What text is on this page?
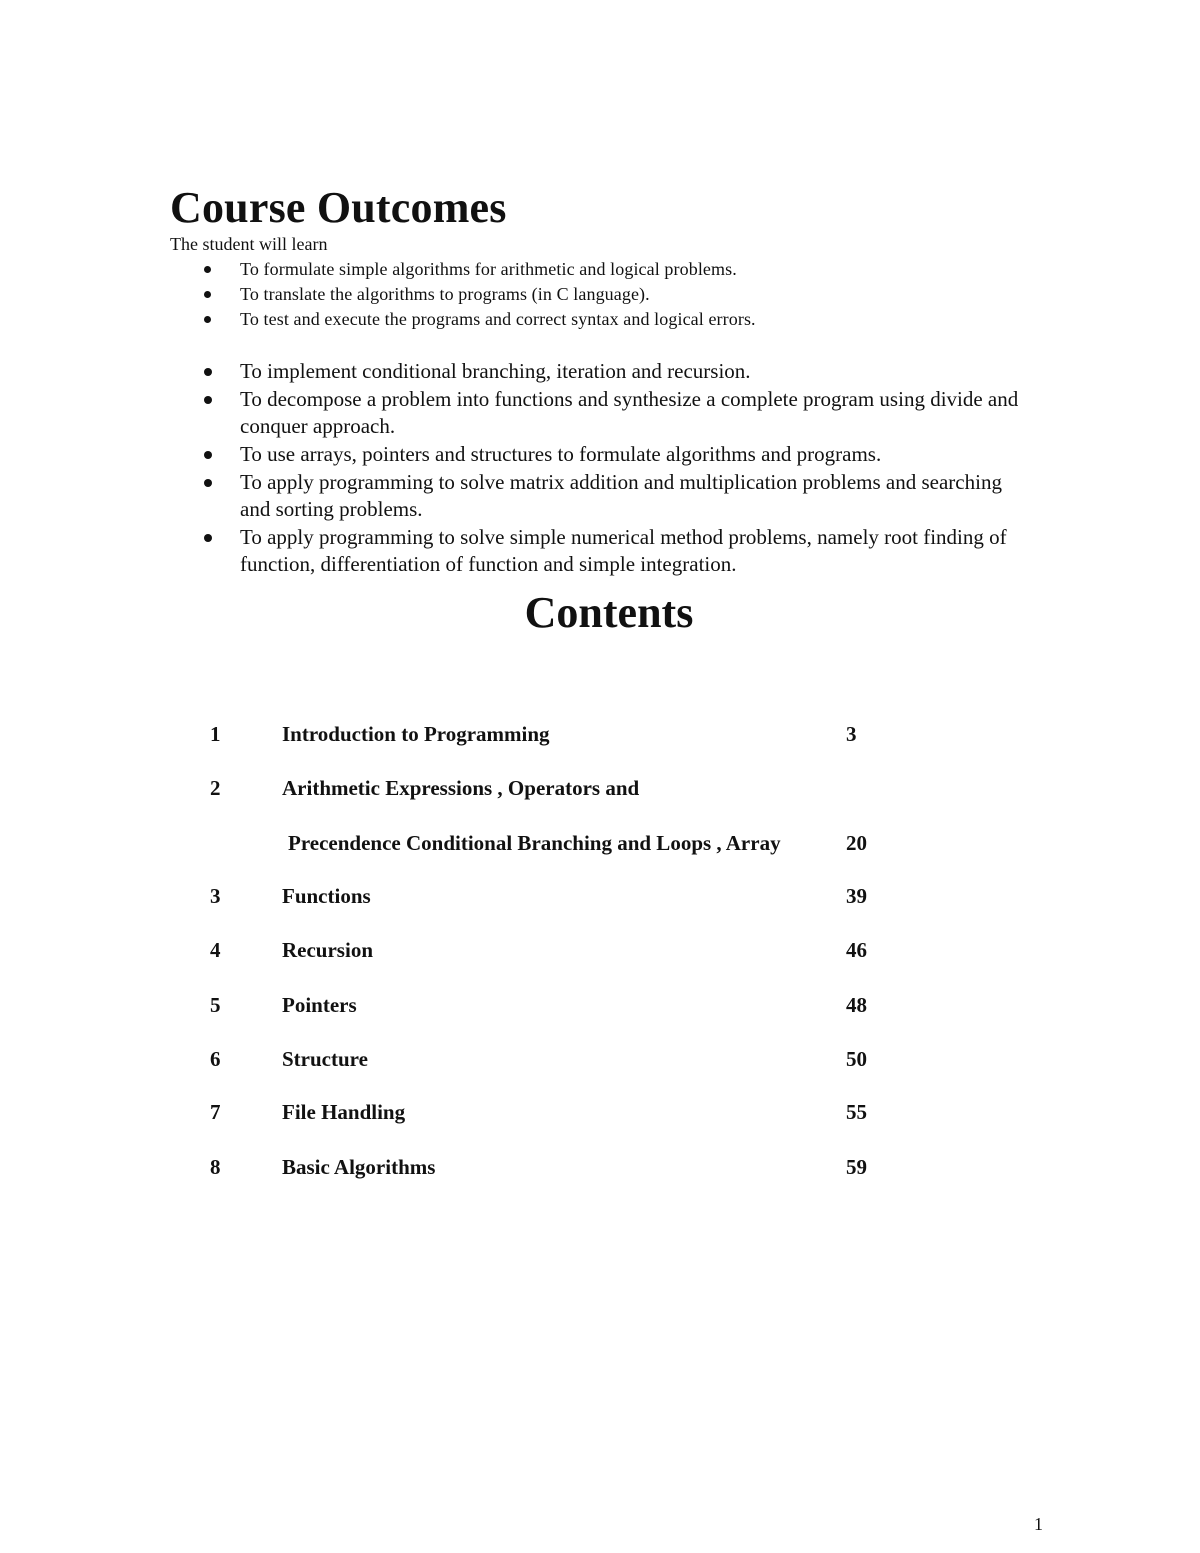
Course Outcomes
The student will learn
To formulate simple algorithms for arithmetic and logical problems.
To translate the algorithms to programs (in C language).
To test and execute the programs and correct syntax and logical errors.
To implement conditional branching, iteration and recursion.
To decompose a problem into functions and synthesize a complete program using divide and conquer approach.
To use arrays, pointers and structures to formulate algorithms and programs.
To apply programming to solve matrix addition and multiplication problems and searching and sorting problems.
To apply programming to solve simple numerical method problems, namely root finding of function, differentiation of function and simple integration.
Contents
1	Introduction to Programming	3
2	Arithmetic Expressions , Operators and
Precendence Conditional Branching and Loops , Array	20
3	Functions	39
4	Recursion	46
5	Pointers	48
6	Structure	50
7	File Handling	55
8	Basic Algorithms	59
1
